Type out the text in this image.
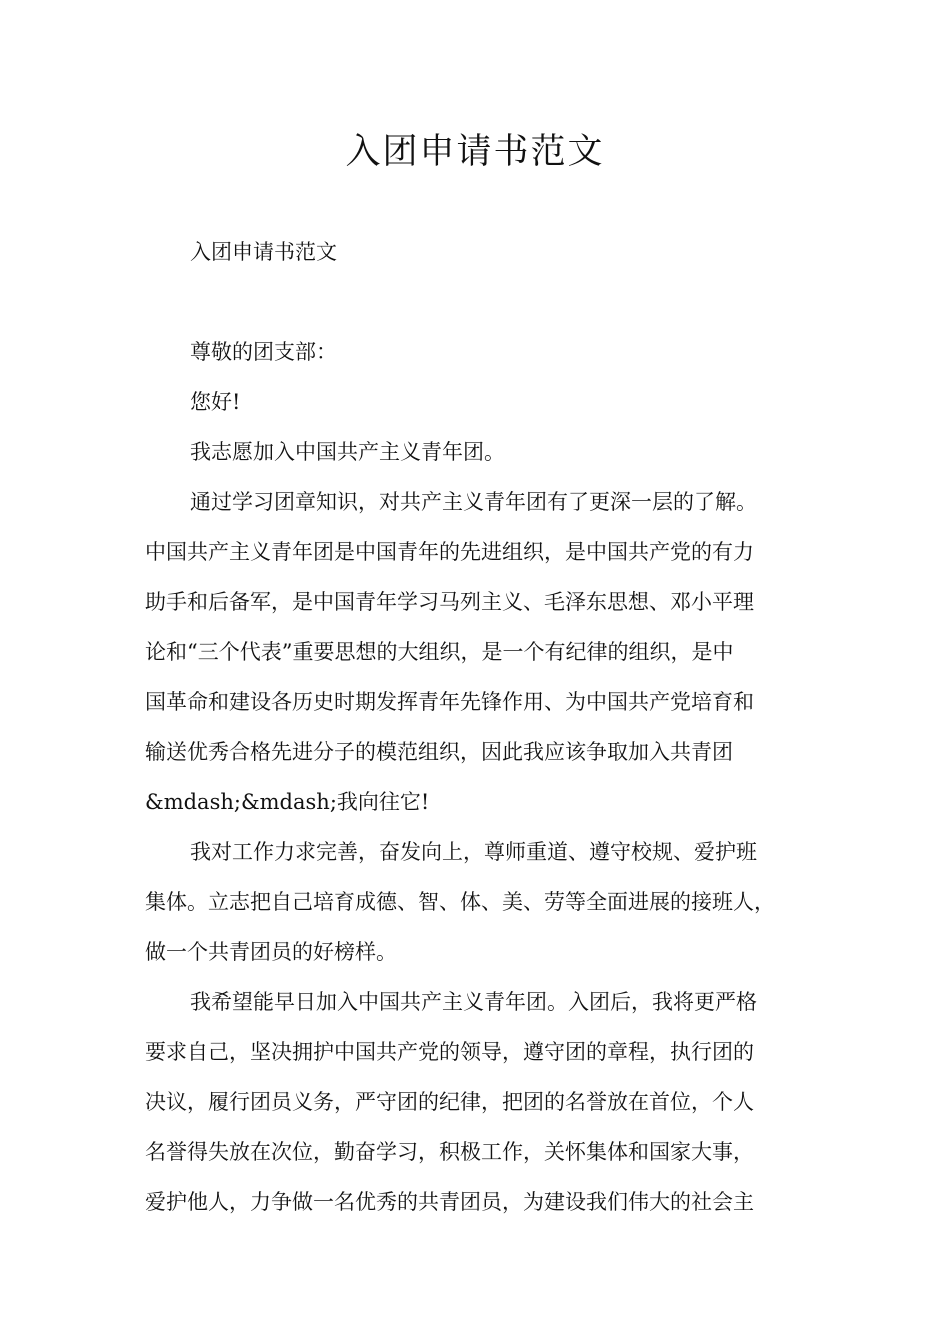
入团申请书范文
入团申请书范文
尊敬的团支部：
您好!
我志愿加入中国共产主义青年团。
通过学习团章知识，对共产主义青年团有了更深一层的了解。
中国共产主义青年团是中国青年的先进组织，是中国共产党的有力
助手和后备军，是中国青年学习马列主义、毛泽东思想、邓小平理
论和“三个代表”重要思想的大组织，是一个有纪律的组织，是中
国革命和建设各历史时期发挥青年先锋作用、为中国共产党培育和
输送优秀合格先进分子的模范组织，因此我应该争取加入共青团
&mdash;&mdash;我向往它!
我对工作力求完善，奋发向上，尊师重道、遵守校规、爱护班
集体。立志把自己培育成德、智、体、美、劳等全面进展的接班人，
做一个共青团员的好榜样。
我希望能早日加入中国共产主义青年团。入团后，我将更严格
要求自己，坚决拥护中国共产党的领导，遵守团的章程，执行团的
决议，履行团员义务，严守团的纪律，把团的名誉放在首位，个人
名誉得失放在次位，勤奋学习，积极工作，关怀集体和国家大事，
爱护他人，力争做一名优秀的共青团员，为建设我们伟大的社会主
